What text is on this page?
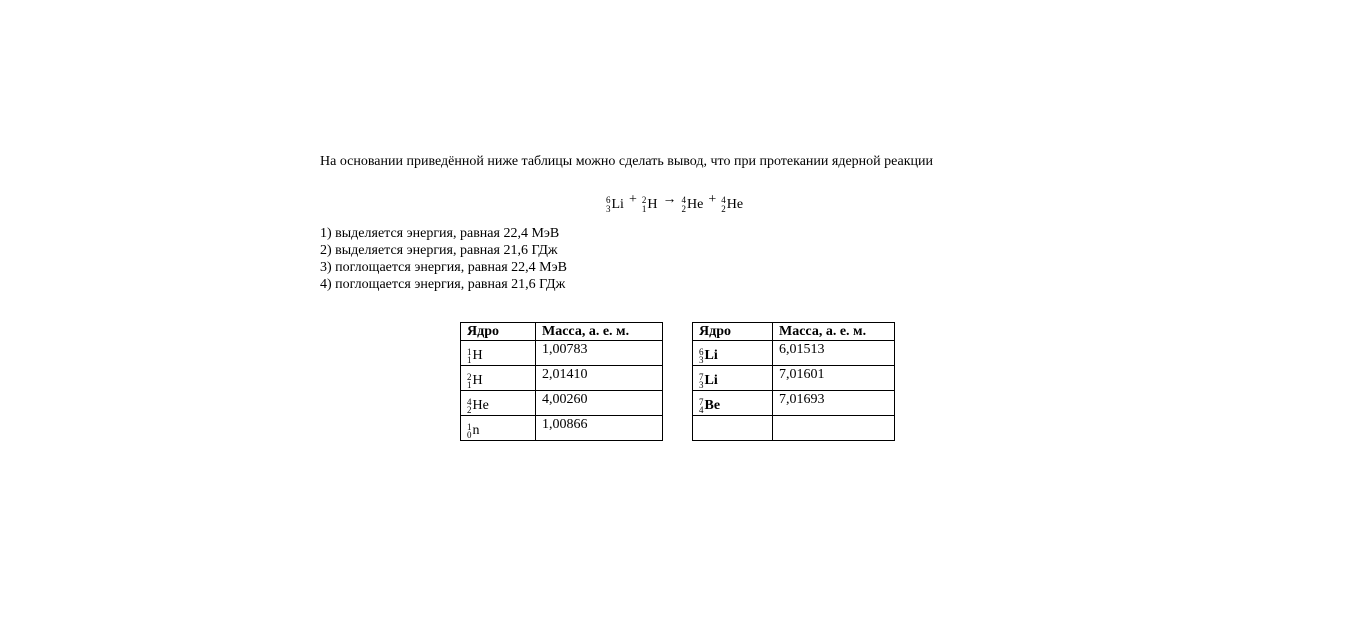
На основании приведённой ниже таблицы можно сделать вывод, что при протекании ядерной реакции
6
3 Li + 2
1 H → 4
2 He + 4
2 He
1) выделяется энергия, равная 22,4 МэВ
2) выделяется энергия, равная 21,6 ГДж
3) поглощается энергия, равная 22,4 МэВ
4) поглощается энергия, равная 21,6 ГДж
Ядро	Масса, а. е. м.

1
1 H	1,00783

2
1 H	2,01410

4
2 He	4,00260

1
0 n	1,00866
Ядро	Масса, а. е. м.

6
3 Li	6,01513

7
3 Li	7,01601

7
4 Be	7,01693
